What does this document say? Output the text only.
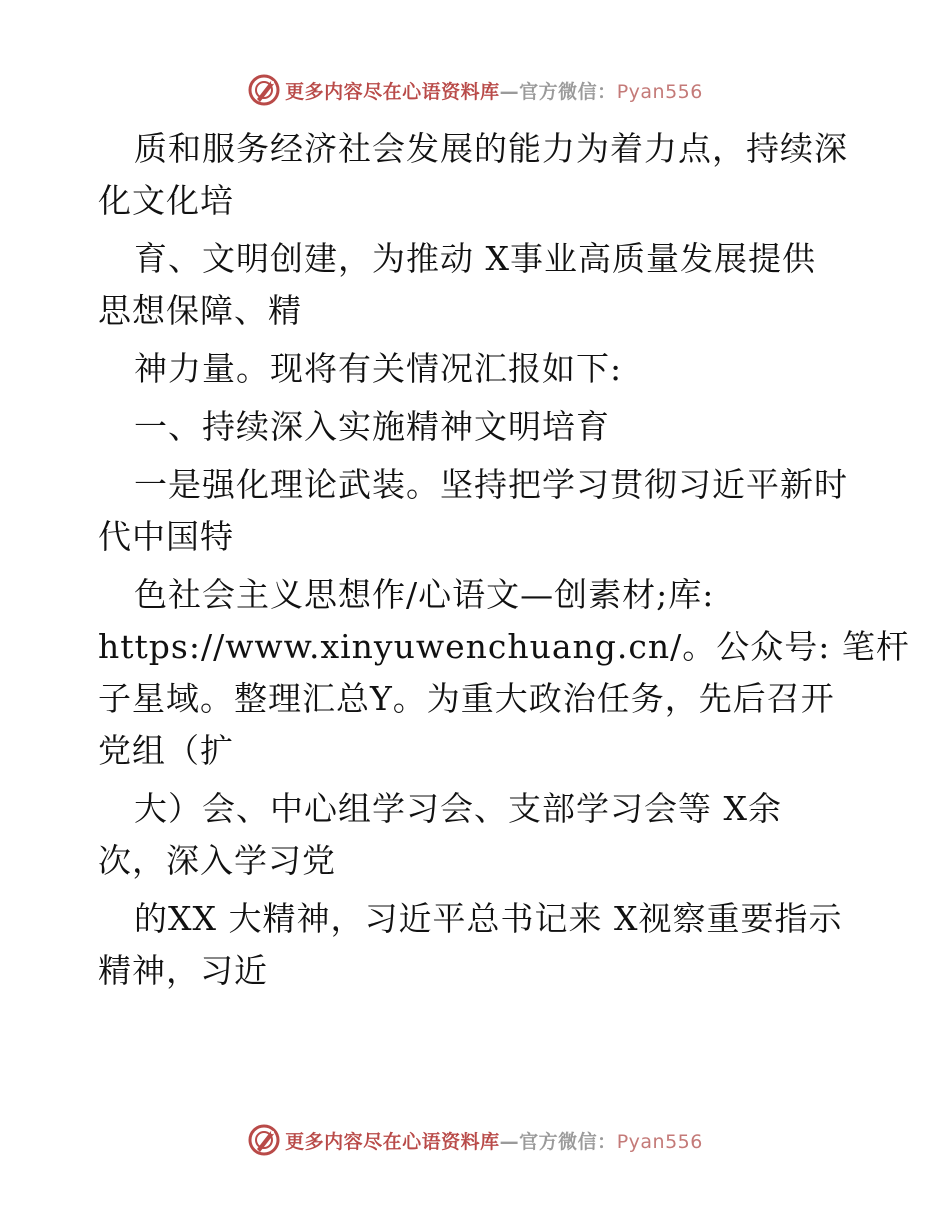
更多内容尽在心语资料库—官方微信：Pyan556
质和服务经济社会发展的能力为着力点，持续深
化文化培
育、文明创建，为推动 X事业高质量发展提供
思想保障、精
神力量。现将有关情况汇报如下:
一、持续深入实施精神文明培育
一是强化理论武装。坚持把学习贯彻习近平新时
代中国特
色社会主义思想作/心语文—创素材;库:
https://www.xinyuwenchuang.cn/。公众号: 笔杆
子星域。整理汇总Y。为重大政治任务，先后召开
党组（扩
大）会、中心组学习会、支部学习会等 X余
次，深入学习党
的XX 大精神，习近平总书记来 X视察重要指示
精神，习近
更多内容尽在心语资料库—官方微信：Pyan556
